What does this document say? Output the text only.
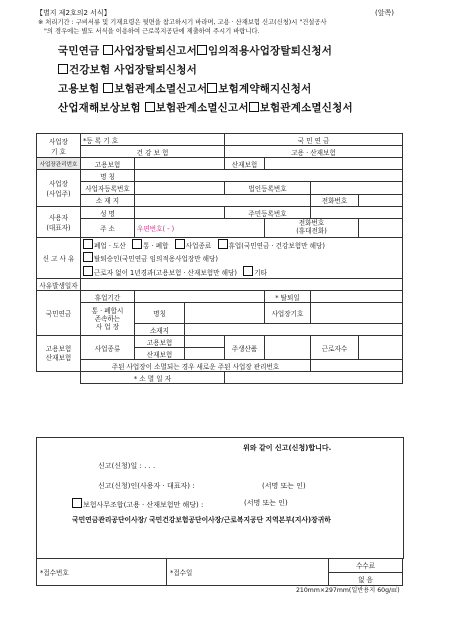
【별지 제2호의2 서식】	(앞쪽)
※ 처리기간 : 구비서류 및 기재요령은 뒷면을 참고하시기 바라며, 고용 · 산재보험 신고(신청)시 "건설공사
"의 경우에는 별도 서식을 이용하여 근로복지공단에 제출하여 주시기 바랍니다.
국민연금 사업장탈퇴신고서 임의적용사업장탈퇴신청서
건강보험 사업장탈퇴신청서
고용보험 보험관계소멸신고서 보험계약해지신청서
산업재해보상보험 보험관계소멸신고서 보험관계소멸신청서
사업장
기 호	*등 록 기 호			국 민 연 금			
	건 강 보 험			고용 · 산재보험			
사업장관리번호	고용보험			산재보험			
사업장
(사업주)	명 칭						
	사업자등록번호			법인등록번호			
	소 재 지					전화번호	
사용자
(대표자)	성 명			주민등록번호			
	주 소	우편번호( - )			전화번호
(휴대전화)		
신 고 사 유	폐업 · 도산 통 · 폐합 사업종료 휴업(국민연금 · 건강보험만 해당)						
	탈퇴승인(국민연금 임의적용사업장만 해당)						
	근로자 없이 1년경과(고용보험 · 산재보험만 해당) 기타						
사유발생일자							
국민연금	휴업기간				* 탈퇴일		
	통 · 폐합시
존속하는
사 업 장	명칭			사업장기호		
		소재지					
고용보험
산재보험	사업종류	고용보험		주생산품		근로자수	
		산재보험					
	주된 사업장이 소멸되는 경우 새로운 주된 사업장 관리번호						
	* 소 멸 일 자						
위와 같이 신고(신청)합니다.
신고(신청)일 : . . .
신고(신청)인(사용자 · 대표자) :	(서명 또는 인)
보험사무조합(고용 · 산재보험만 해당) :	(서명 또는 인)
국민연금관리공단이사장/ 국민건강보험공단이사장/근로복지공단 지역본부(지사)장귀하
*접수번호	*접수일	수수료
없 음
210mm×297mm(일반용지 60g/㎡)
